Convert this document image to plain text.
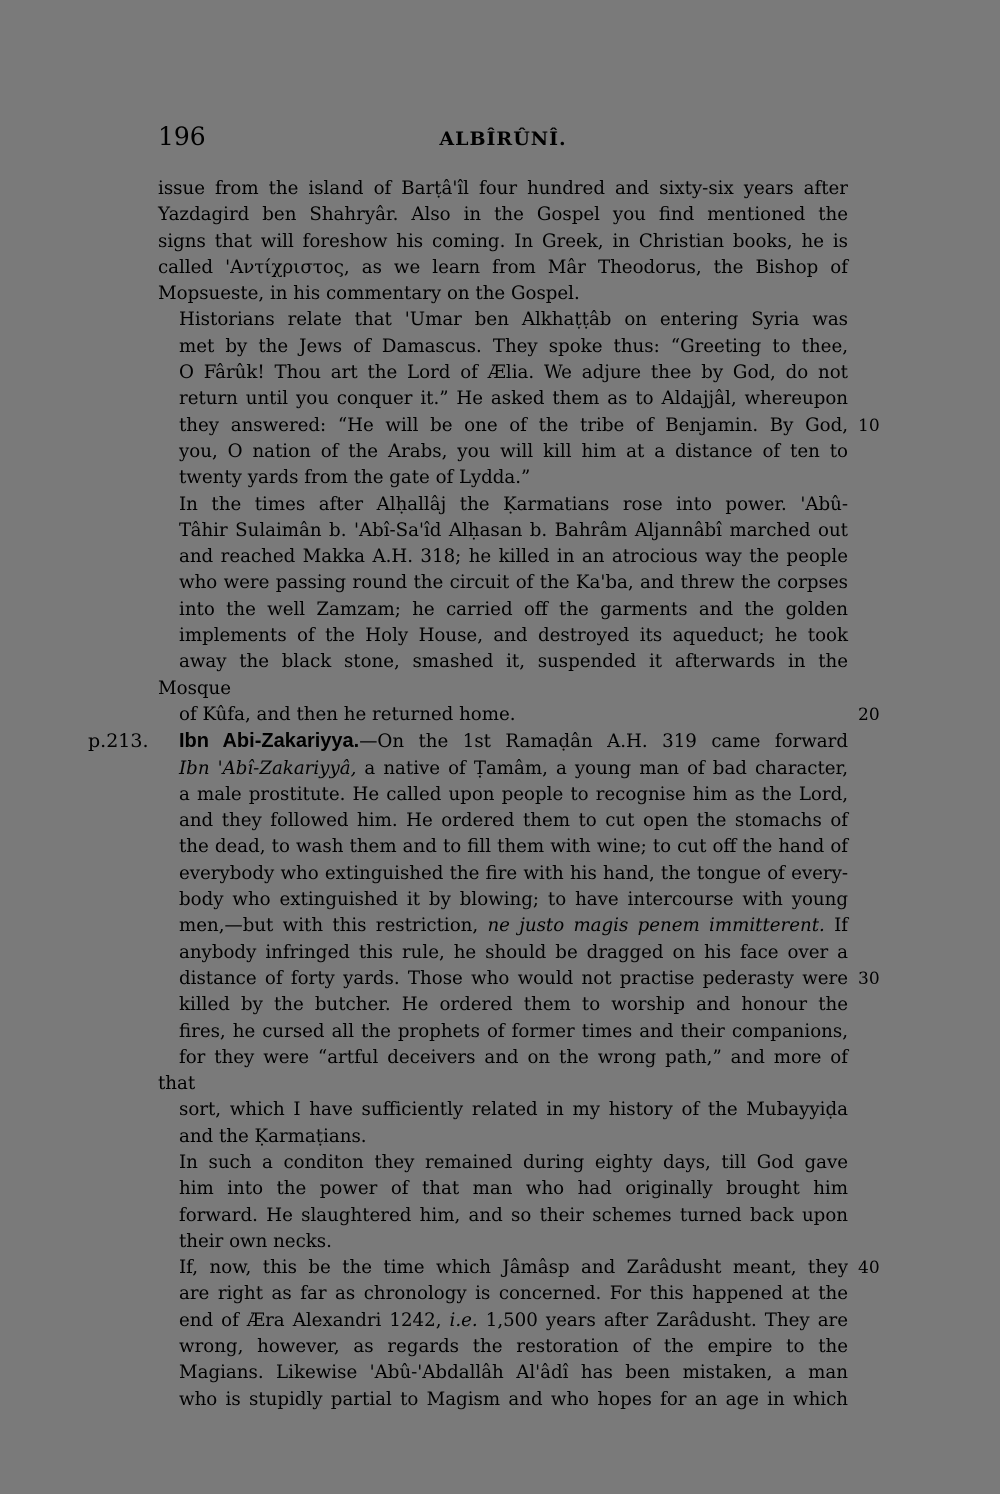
196	ALBÎRÛNÎ.

issue from the island of Barṭâ'îl four hundred and sixty-six years after
Yazdagird ben Shahryâr. Also in the Gospel you find mentioned the
signs that will foreshow his coming. In Greek, in Christian books, he is
called 'Αντίχριστος, as we learn from Mâr Theodorus, the Bishop of
Mopsueste, in his commentary on the Gospel.

Historians relate that 'Umar ben Alkhaṭṭâb on entering Syria was
met by the Jews of Damascus. They spoke thus: “Greeting to thee,
O Fârûk! Thou art the Lord of Ælia. We adjure thee by God, do not
return until you conquer it.” He asked them as to Aldajjâl, whereupon
they answered: “He will be one of the tribe of Benjamin. By God, 10
you, O nation of the Arabs, you will kill him at a distance of ten to
twenty yards from the gate of Lydda.”

In the times after Alḥallâj the Ḳarmatians rose into power. 'Abû-
Tâhir Sulaimân b. 'Abî-Sa'îd Alḥasan b. Bahrâm Aljannâbî marched out
and reached Makka A.H. 318; he killed in an atrocious way the people
who were passing round the circuit of the Ka'ba, and threw the corpses
into the well Zamzam; he carried off the garments and the golden
implements of the Holy House, and destroyed its aqueduct; he took
away the black stone, smashed it, suspended it afterwards in the Mosque
of Kûfa, and then he returned home.	20

p.213. Ibn Abi-Zakariyya.—On the 1st Ramaḍân A.H. 319 came forward
Ibn 'Abî-Zakariyyâ, a native of Ṭamâm, a young man of bad character,
a male prostitute. He called upon people to recognise him as the Lord,
and they followed him. He ordered them to cut open the stomachs of
the dead, to wash them and to fill them with wine; to cut off the hand of
everybody who extinguished the fire with his hand, the tongue of every-
body who extinguished it by blowing; to have intercourse with young
men,—but with this restriction, ne justo magis penem immitterent. If
anybody infringed this rule, he should be dragged on his face over a
distance of forty yards. Those who would not practise pederasty were 30
killed by the butcher. He ordered them to worship and honour the
fires, he cursed all the prophets of former times and their companions,
for they were “artful deceivers and on the wrong path,” and more of that
sort, which I have sufficiently related in my history of the Mubayyiḍa
and the Ḳarmaṭians.

In such a conditon they remained during eighty days, till God gave
him into the power of that man who had originally brought him
forward. He slaughtered him, and so their schemes turned back upon
their own necks.

If, now, this be the time which Jâmâsp and Zarâdusht meant, they 40
are right as far as chronology is concerned. For this happened at the
end of Æra Alexandri 1242, i.e. 1,500 years after Zarâdusht. They are
wrong, however, as regards the restoration of the empire to the
Magians. Likewise 'Abû-'Abdallâh Al'âdî has been mistaken, a man
who is stupidly partial to Magism and who hopes for an age in which
